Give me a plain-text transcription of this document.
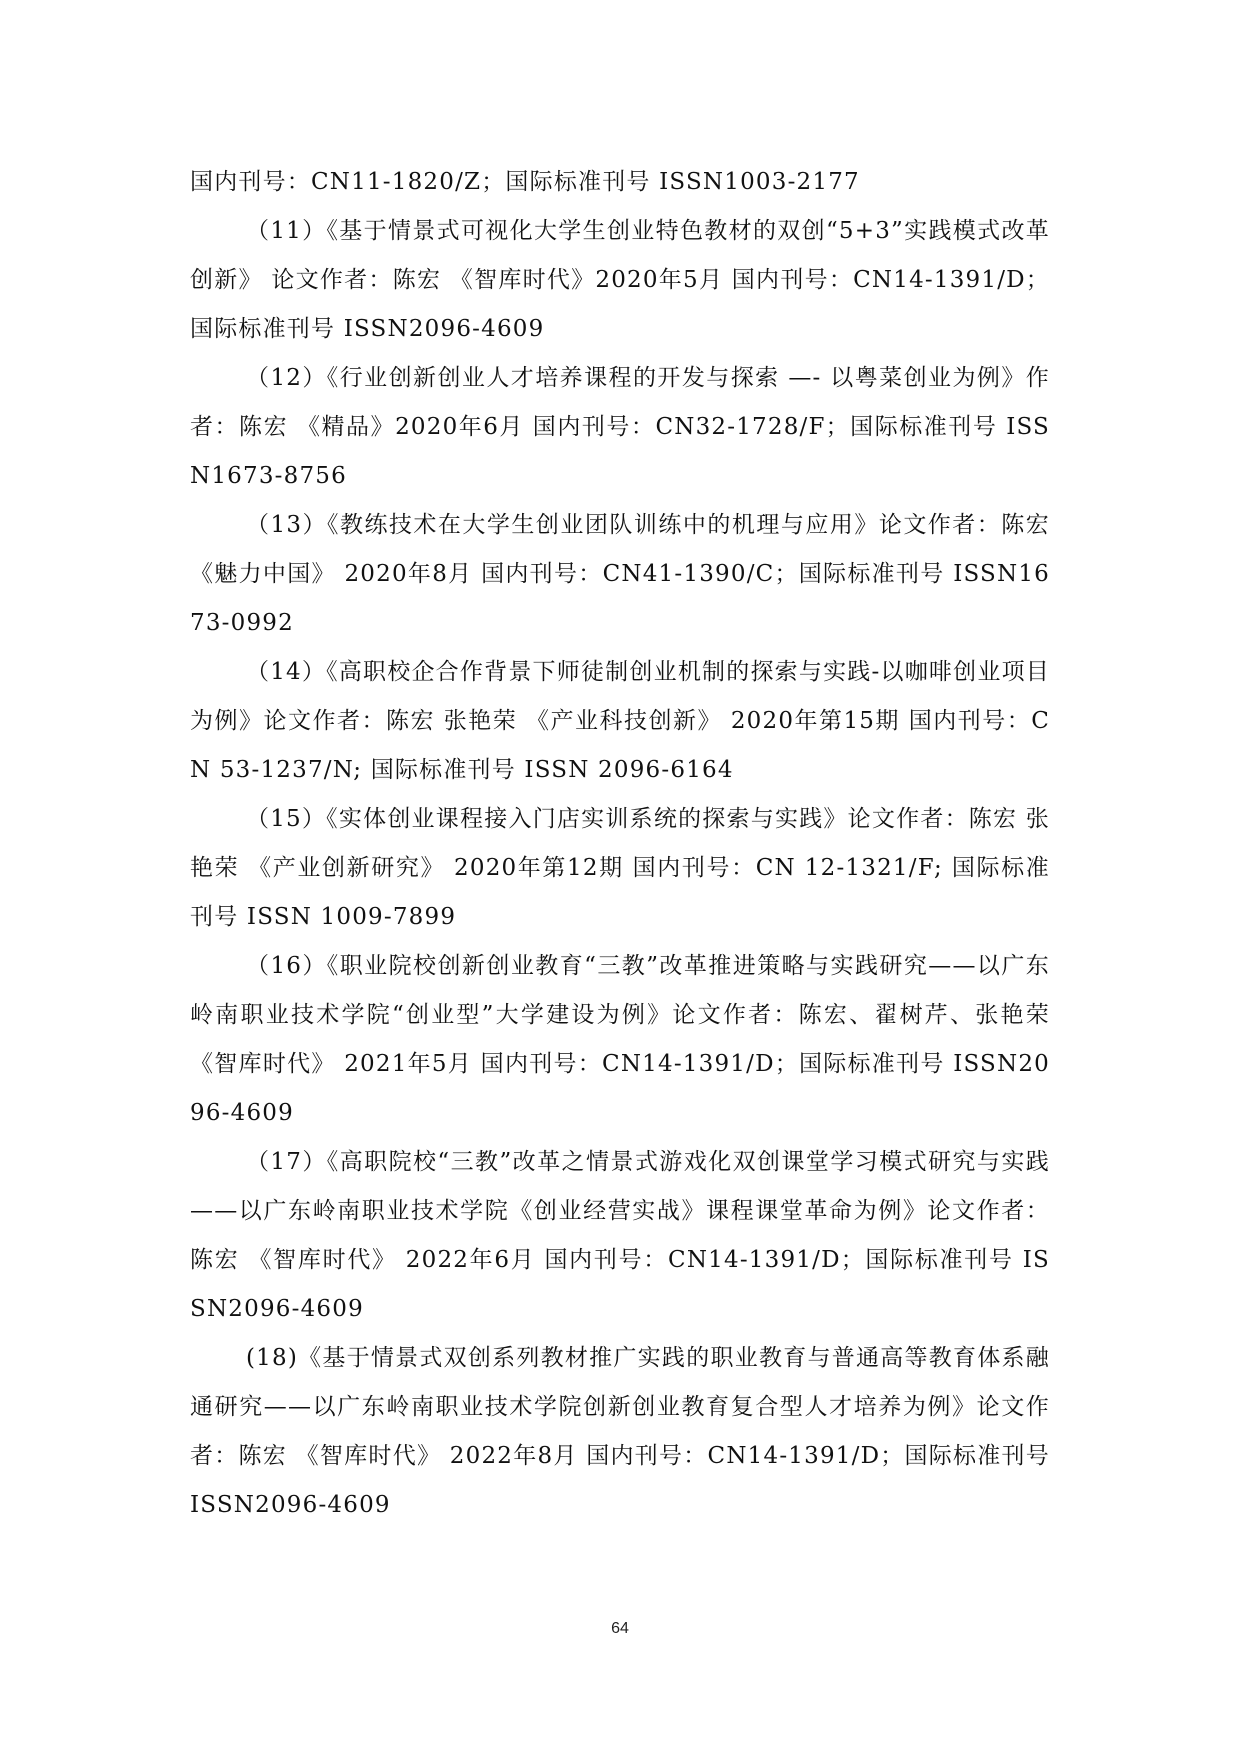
国内刊号：CN11-1820/Z；国际标准刊号 ISSN1003-2177

（11）《基于情景式可视化大学生创业特色教材的双创“5+3”实践模式改革创新》 论文作者：陈宏 《智库时代》2020年5月 国内刊号：CN14-1391/D；国际标准刊号 ISSN2096-4609

（12）《行业创新创业人才培养课程的开发与探索 —- 以粤菜创业为例》作者：陈宏 《精品》2020年6月 国内刊号：CN32-1728/F；国际标准刊号 ISSN1673-8756

（13）《教练技术在大学生创业团队训练中的机理与应用》论文作者：陈宏 《魅力中国》 2020年8月 国内刊号：CN41-1390/C；国际标准刊号 ISSN1673-0992

（14）《高职校企合作背景下师徒制创业机制的探索与实践-以咖啡创业项目为例》论文作者：陈宏 张艳荣 《产业科技创新》 2020年第15期 国内刊号：CN 53-1237/N; 国际标准刊号 ISSN 2096-6164

（15）《实体创业课程接入门店实训系统的探索与实践》论文作者：陈宏 张艳荣 《产业创新研究》 2020年第12期 国内刊号：CN 12-1321/F; 国际标准刊号 ISSN 1009-7899

（16）《职业院校创新创业教育“三教”改革推进策略与实践研究——以广东岭南职业技术学院“创业型”大学建设为例》论文作者：陈宏、翟树芹、张艳荣 《智库时代》 2021年5月 国内刊号：CN14-1391/D；国际标准刊号 ISSN2096-4609

（17）《高职院校“三教”改革之情景式游戏化双创课堂学习模式研究与实践——以广东岭南职业技术学院《创业经营实战》课程课堂革命为例》论文作者：陈宏 《智库时代》 2022年6月 国内刊号：CN14-1391/D；国际标准刊号 ISSN2096-4609

(18)《基于情景式双创系列教材推广实践的职业教育与普通高等教育体系融通研究——以广东岭南职业技术学院创新创业教育复合型人才培养为例》论文作者：陈宏 《智库时代》 2022年8月 国内刊号：CN14-1391/D；国际标准刊号 ISSN2096-4609

64
